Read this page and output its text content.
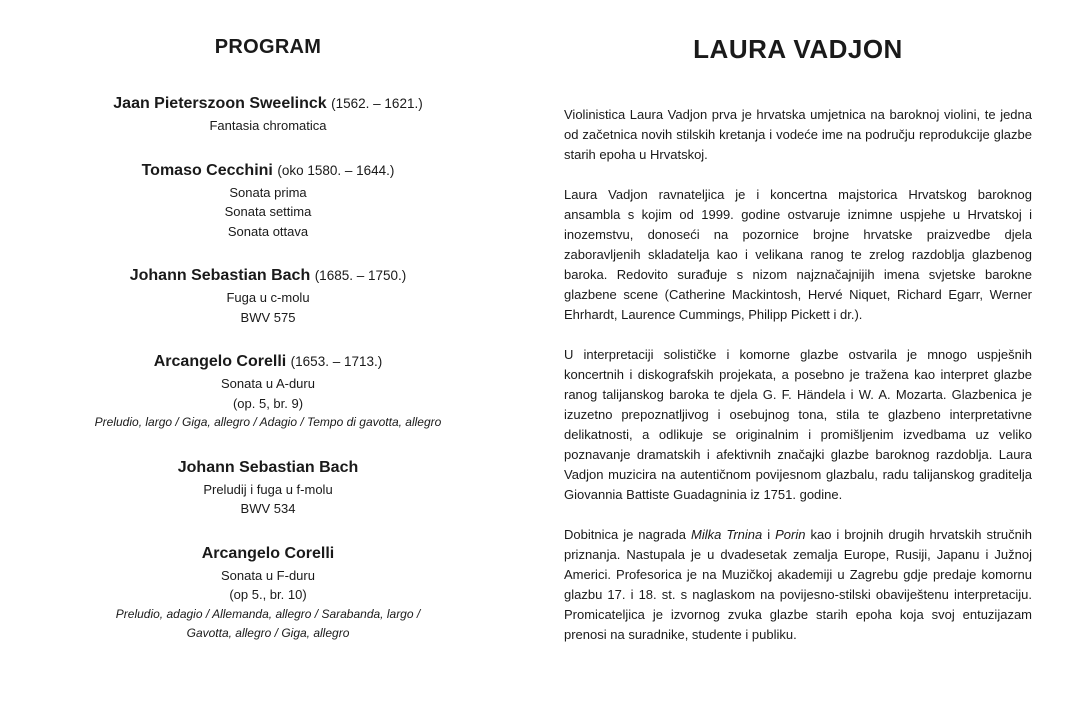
PROGRAM
Jaan Pieterszoon Sweelinck (1562. – 1621.)
Fantasia chromatica
Tomaso Cecchini (oko 1580. – 1644.)
Sonata prima
Sonata settima
Sonata ottava
Johann Sebastian Bach (1685. – 1750.)
Fuga u c-molu
BWV 575
Arcangelo Corelli (1653. – 1713.)
Sonata u A-duru
(op. 5, br. 9)
Preludio, largo / Giga, allegro / Adagio / Tempo di gavotta, allegro
Johann Sebastian Bach
Preludij i fuga u f-molu
BWV 534
Arcangelo Corelli
Sonata u F-duru
(op 5., br. 10)
Preludio, adagio / Allemanda, allegro / Sarabanda, largo /
Gavotta, allegro / Giga, allegro
LAURA VADJON

Violinistica Laura Vadjon prva je hrvatska umjetnica na baroknoj violini, te jedna od začetnica novih stilskih kretanja i vodeće ime na području reprodukcije glazbe starih epoha u Hrvatskoj.

Laura Vadjon ravnateljica je i koncertna majstorica Hrvatskog baroknog ansambla s kojim od 1999. godine ostvaruje iznimne uspjehe u Hrvatskoj i inozemstvu, donoseći na pozornice brojne hrvatske praizvedbe djela zaboravljenih skladatelja kao i velikana ranog te zrelog razdoblja glazbenog baroka. Redovito surađuje s nizom najznačajnijih imena svjetske barokne glazbene scene (Catherine Mackintosh, Hervé Niquet, Richard Egarr, Werner Ehrhardt, Laurence Cummings, Philipp Pickett i dr.).

U interpretaciji solističke i komorne glazbe ostvarila je mnogo uspješnih koncertnih i diskografskih projekata, a posebno je tražena kao interpret glazbe ranog talijanskog baroka te djela G. F. Händela i W. A. Mozarta. Glazbenica je izuzetno prepoznatljivog i osebujnog tona, stila te glazbeno interpretativne delikatnosti, a odlikuje se originalnim i promišljenim izvedbama uz veliko poznavanje dramatskih i afektivnih značajki glazbe baroknog razdoblja. Laura Vadjon muzicira na autentičnom povijesnom glazbalu, radu talijanskog graditelja Giovannia Battiste Guadagninia iz 1751. godine.

Dobitnica je nagrada Milka Trnina i Porin kao i brojnih drugih hrvatskih stručnih priznanja. Nastupala je u dvadesetak zemalja Europe, Rusiji, Japanu i Južnoj Americi. Profesorica je na Muzičkoj akademiji u Zagrebu gdje predaje komornu glazbu 17. i 18. st. s naglaskom na povijesno-stilski obaviještenu interpretaciju. Promicateljica je izvornog zvuka glazbe starih epoha koja svoj entuzijazam prenosi na suradnike, studente i publiku.
